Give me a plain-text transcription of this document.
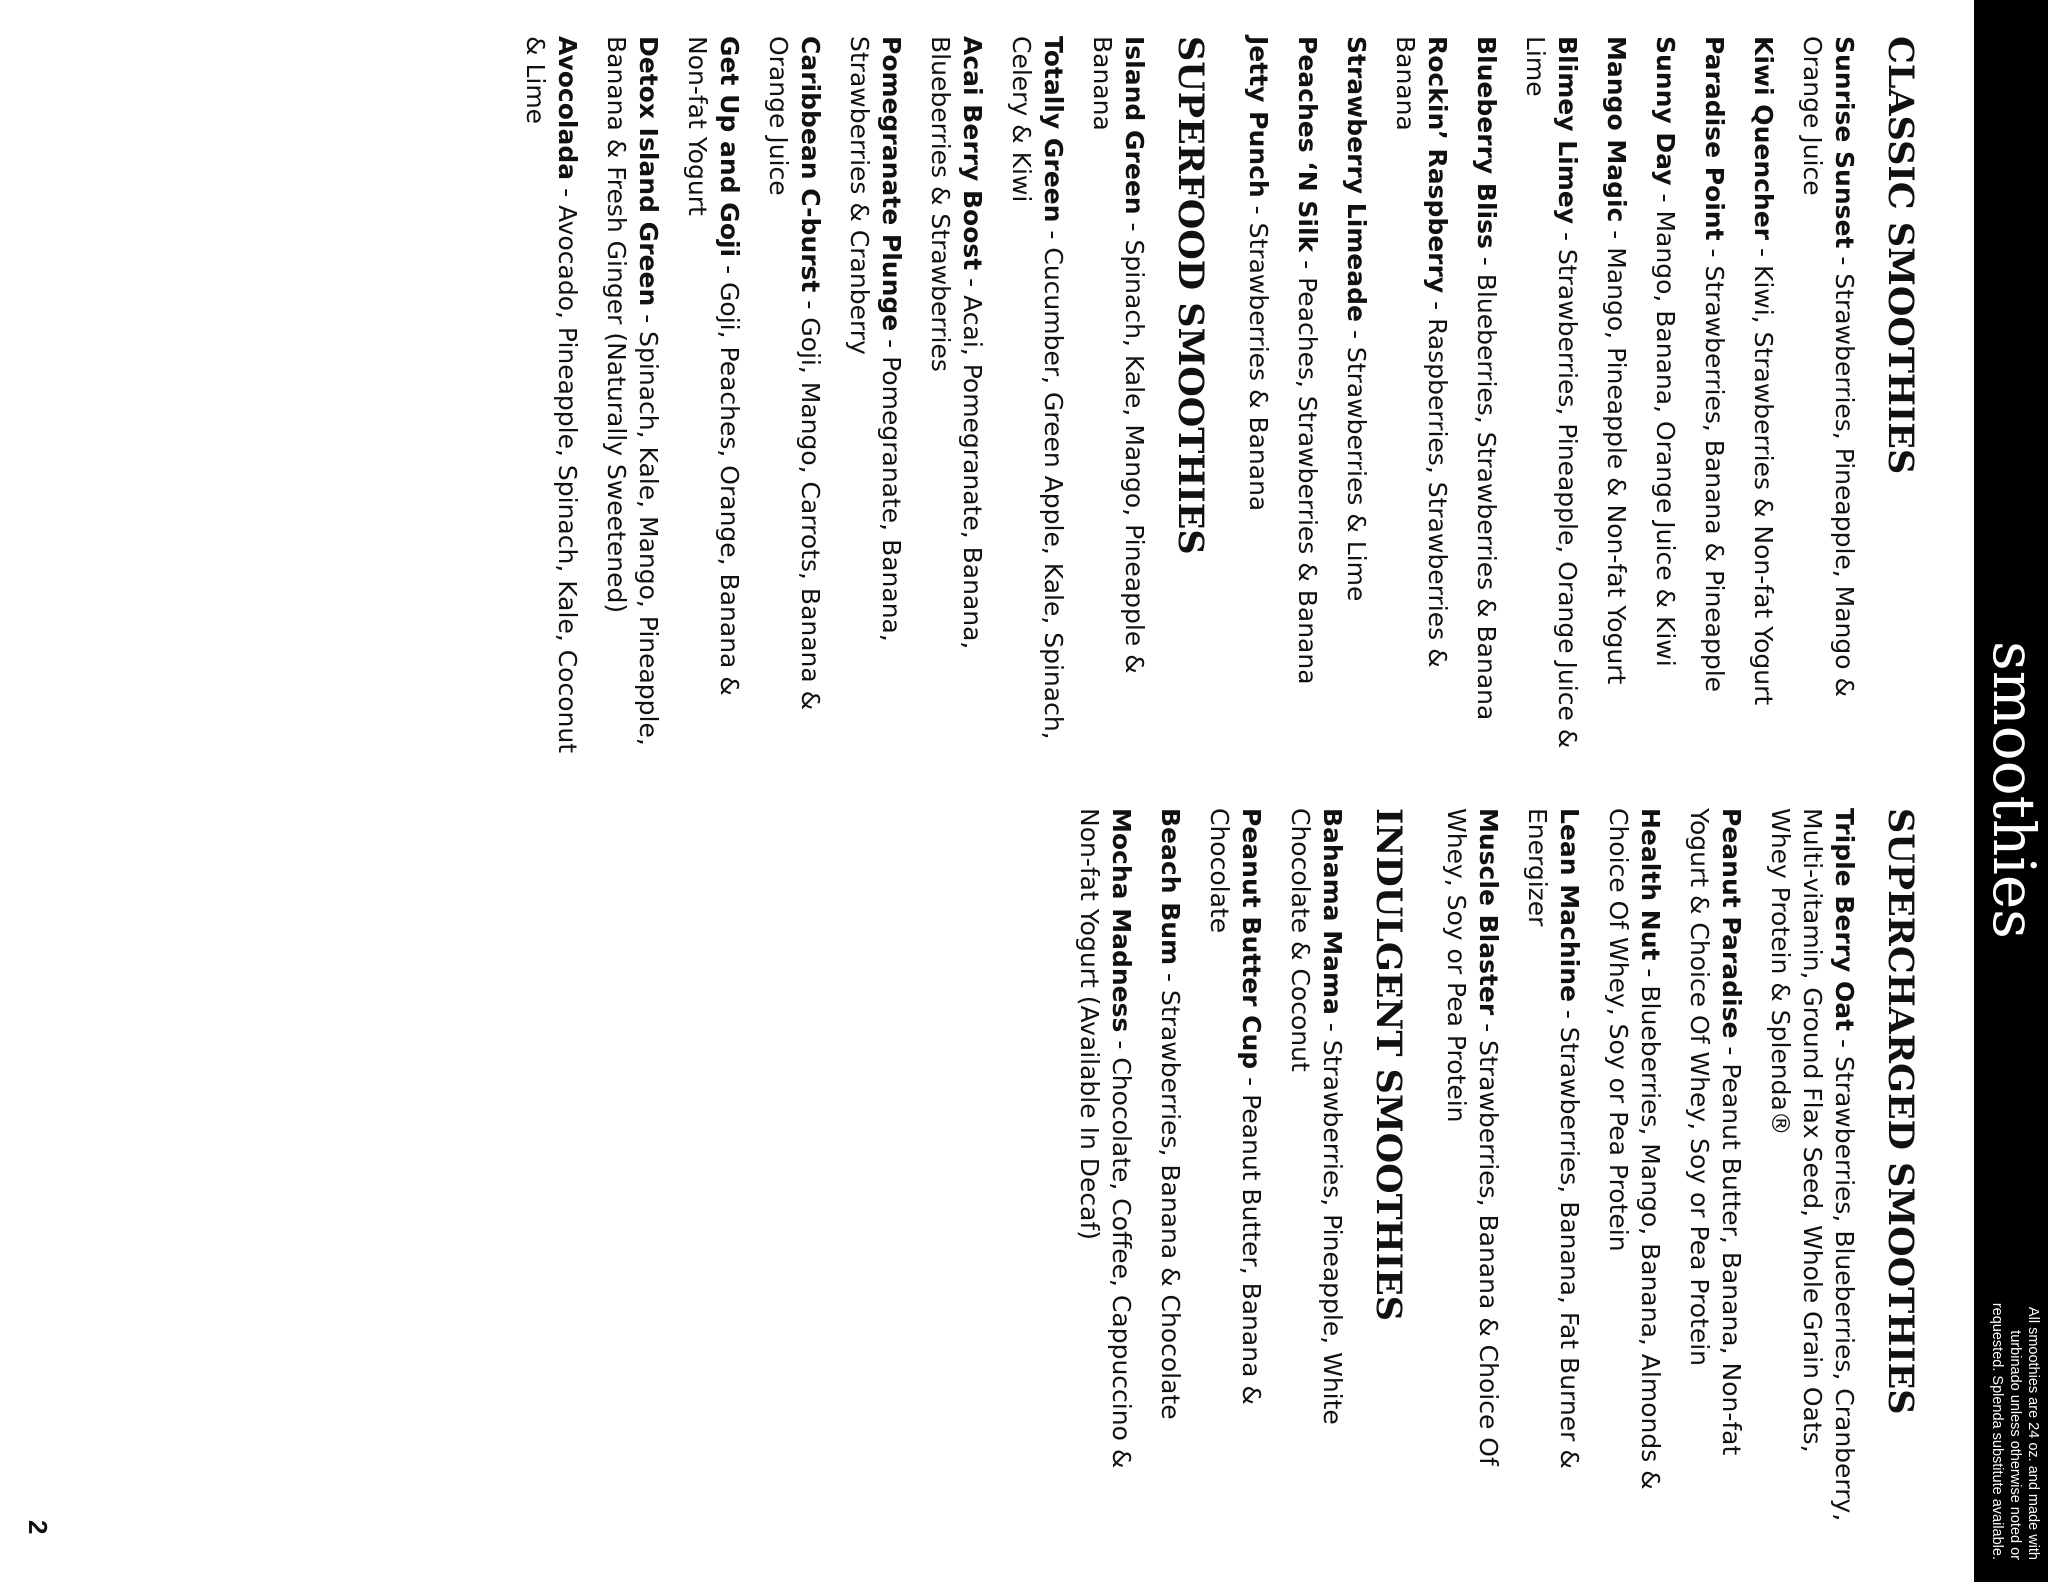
smoothies
All smoothies are 24 oz. and made with turbinado unless otherwise noted or requested. Splenda substitute available.
CLASSIC SMOOTHIES
Sunrise Sunset - Strawberries, Pineapple, Mango & Orange Juice
Kiwi Quencher - Kiwi, Strawberries & Non-fat Yogurt
Paradise Point - Strawberries, Banana & Pineapple
Sunny Day - Mango, Banana, Orange Juice & Kiwi
Mango Magic - Mango, Pineapple & Non-fat Yogurt
Blimey Limey - Strawberries, Pineapple, Orange Juice & Lime
Blueberry Bliss - Blueberries, Strawberries & Banana
Rockin’ Raspberry - Raspberries, Strawberries & Banana
Strawberry Limeade - Strawberries & Lime
Peaches ‘N Silk - Peaches, Strawberries & Banana
Jetty Punch - Strawberries & Banana
SUPERFOOD SMOOTHIES
Island Green - Spinach, Kale, Mango, Pineapple & Banana
Totally Green - Cucumber, Green Apple, Kale, Spinach, Celery & Kiwi
Acai Berry Boost - Acai, Pomegranate, Banana, Blueberries & Strawberries
Pomegranate Plunge - Pomegranate, Banana, Strawberries & Cranberry
Caribbean C-burst - Goji, Mango, Carrots, Banana & Orange Juice
Get Up and Goji - Goji, Peaches, Orange, Banana & Non-fat Yogurt
Detox Island Green - Spinach, Kale, Mango, Pineapple, Banana & Fresh Ginger (Naturally Sweetened)
Avocolada - Avocado, Pineapple, Spinach, Kale, Coconut & Lime
SUPERCHARGED SMOOTHIES
Triple Berry Oat - Strawberries, Blueberries, Cranberry, Multi-vitamin, Ground Flax Seed, Whole Grain Oats, Whey Protein & Splenda®
Peanut Paradise - Peanut Butter, Banana, Non-fat Yogurt & Choice Of Whey, Soy or Pea Protein
Health Nut - Blueberries, Mango, Banana, Almonds & Choice Of Whey, Soy or Pea Protein
Lean Machine - Strawberries, Banana, Fat Burner & Energizer
Muscle Blaster - Strawberries, Banana & Choice Of Whey, Soy or Pea Protein
INDULGENT SMOOTHIES
Bahama Mama - Strawberries, Pineapple, White Chocolate & Coconut
Peanut Butter Cup - Peanut Butter, Banana & Chocolate
Beach Bum - Strawberries, Banana & Chocolate
Mocha Madness - Chocolate, Coffee, Cappuccino & Non-fat Yogurt (Available In Decaf)
2
